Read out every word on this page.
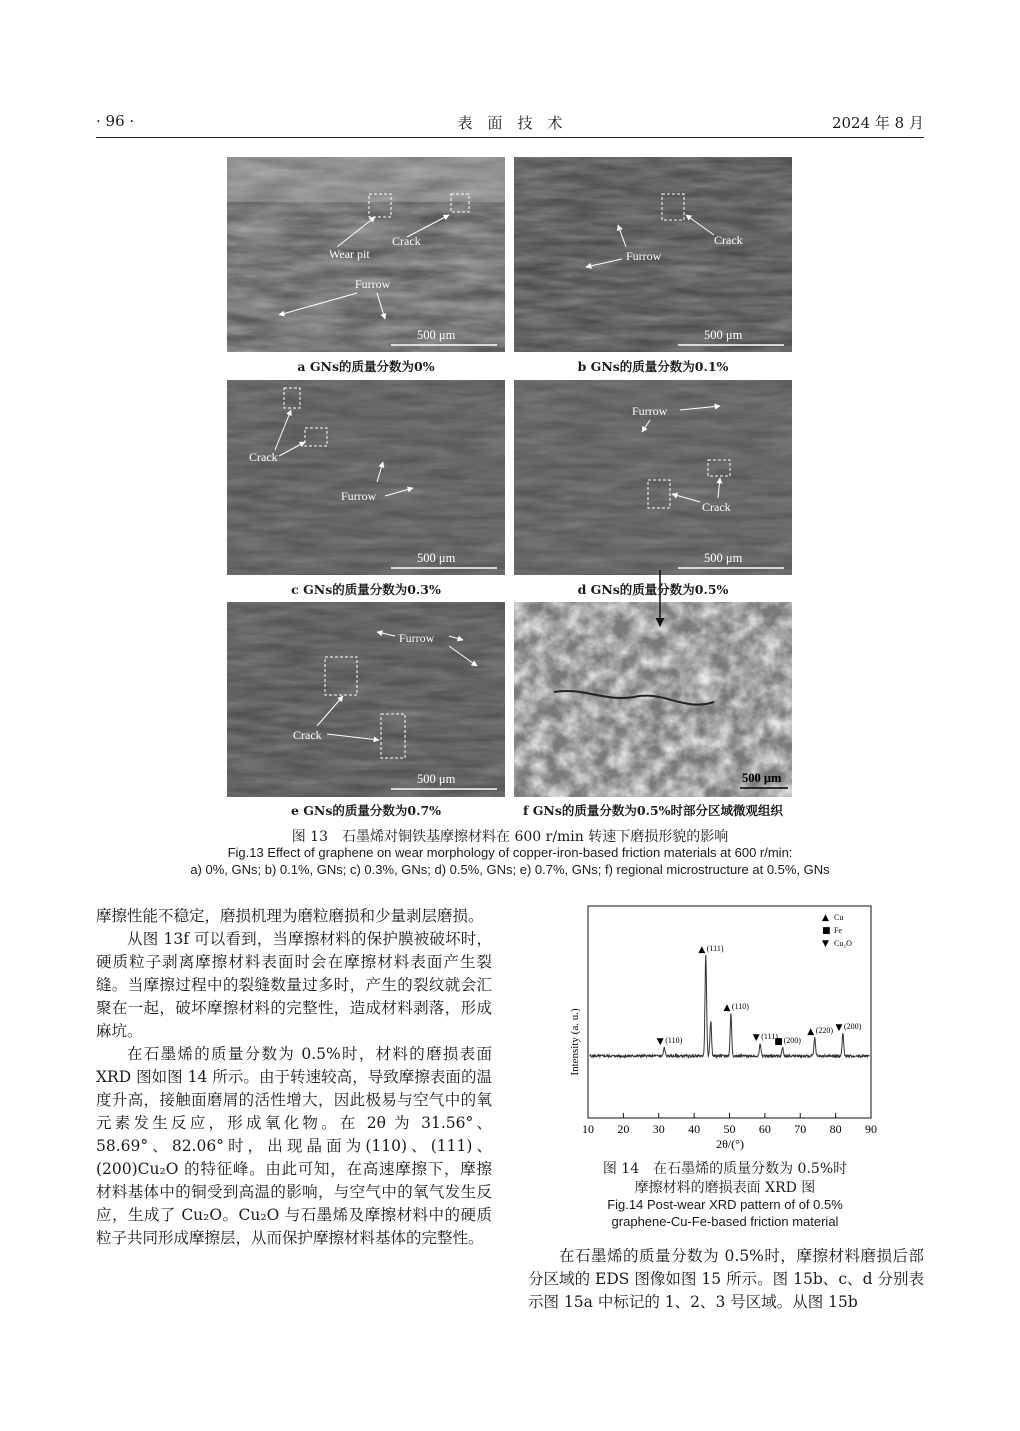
· 96 ·	表　面　技　术	2024 年 8 月
Crack
Wear pit
Furrow
500 μm
Crack
Furrow
500 μm
a GNs的质量分数为0%	b GNs的质量分数为0.1%
Crack
Furrow
500 μm
Furrow
Crack
500 μm
c GNs的质量分数为0.3%	d GNs的质量分数为0.5%
Furrow
Crack
500 μm	500 μm
e GNs的质量分数为0.7%	f GNs的质量分数为0.5%时部分区域微观组织
图 13　石墨烯对铜铁基摩擦材料在 600 r/min 转速下磨损形貌的影响
Fig.13 Effect of graphene on wear morphology of copper-iron-based friction materials at 600 r/min:
a) 0%, GNs; b) 0.1%, GNs; c) 0.3%, GNs; d) 0.5%, GNs; e) 0.7%, GNs; f) regional microstructure at 0.5%, GNs

摩擦性能不稳定，磨损机理为磨粒磨损和少量剥层磨损。

从图 13f 可以看到，当摩擦材料的保护膜被破坏时，硬质粒子剥离摩擦材料表面时会在摩擦材料表面产生裂缝。当摩擦过程中的裂缝数量过多时，产生的裂纹就会汇聚在一起，破坏摩擦材料的完整性，造成材料剥落，形成麻坑。

在石墨烯的质量分数为 0.5%时，材料的磨损表面 XRD 图如图 14 所示。由于转速较高，导致摩擦表面的温度升高，接触面磨屑的活性增大，因此极易与空气中的氧元素发生反应，形成氧化物。在 2θ 为 31.56°、58.69°、82.06°时，出现晶面为(110)、(111)、(200)Cu₂O 的特征峰。由此可知，在高速摩擦下，摩擦材料基体中的铜受到高温的影响，与空气中的氧气发生反应，生成了 Cu₂O。Cu₂O 与石墨烯及摩擦材料中的硬质粒子共同形成摩擦层，从而保护摩擦材料基体的完整性。

Intensity (a. u.)
2θ/(°)
10 20 30 40 50 60 70 80 90
▼ (110)
▲ (111)
▲ (110)
▼ (111)
■ (200)
▲ (220) ▼ (200)
▲ Cu
■ Fe
▼ Cu₂O
图 14　在石墨烯的质量分数为 0.5%时
摩擦材料的磨损表面 XRD 图
Fig.14 Post-wear XRD pattern of of 0.5%
graphene-Cu-Fe-based friction material

在石墨烯的质量分数为 0.5%时，摩擦材料磨损后部分区域的 EDS 图像如图 15 所示。图 15b、c、d 分别表示图 15a 中标记的 1、2、3 号区域。从图 15b
